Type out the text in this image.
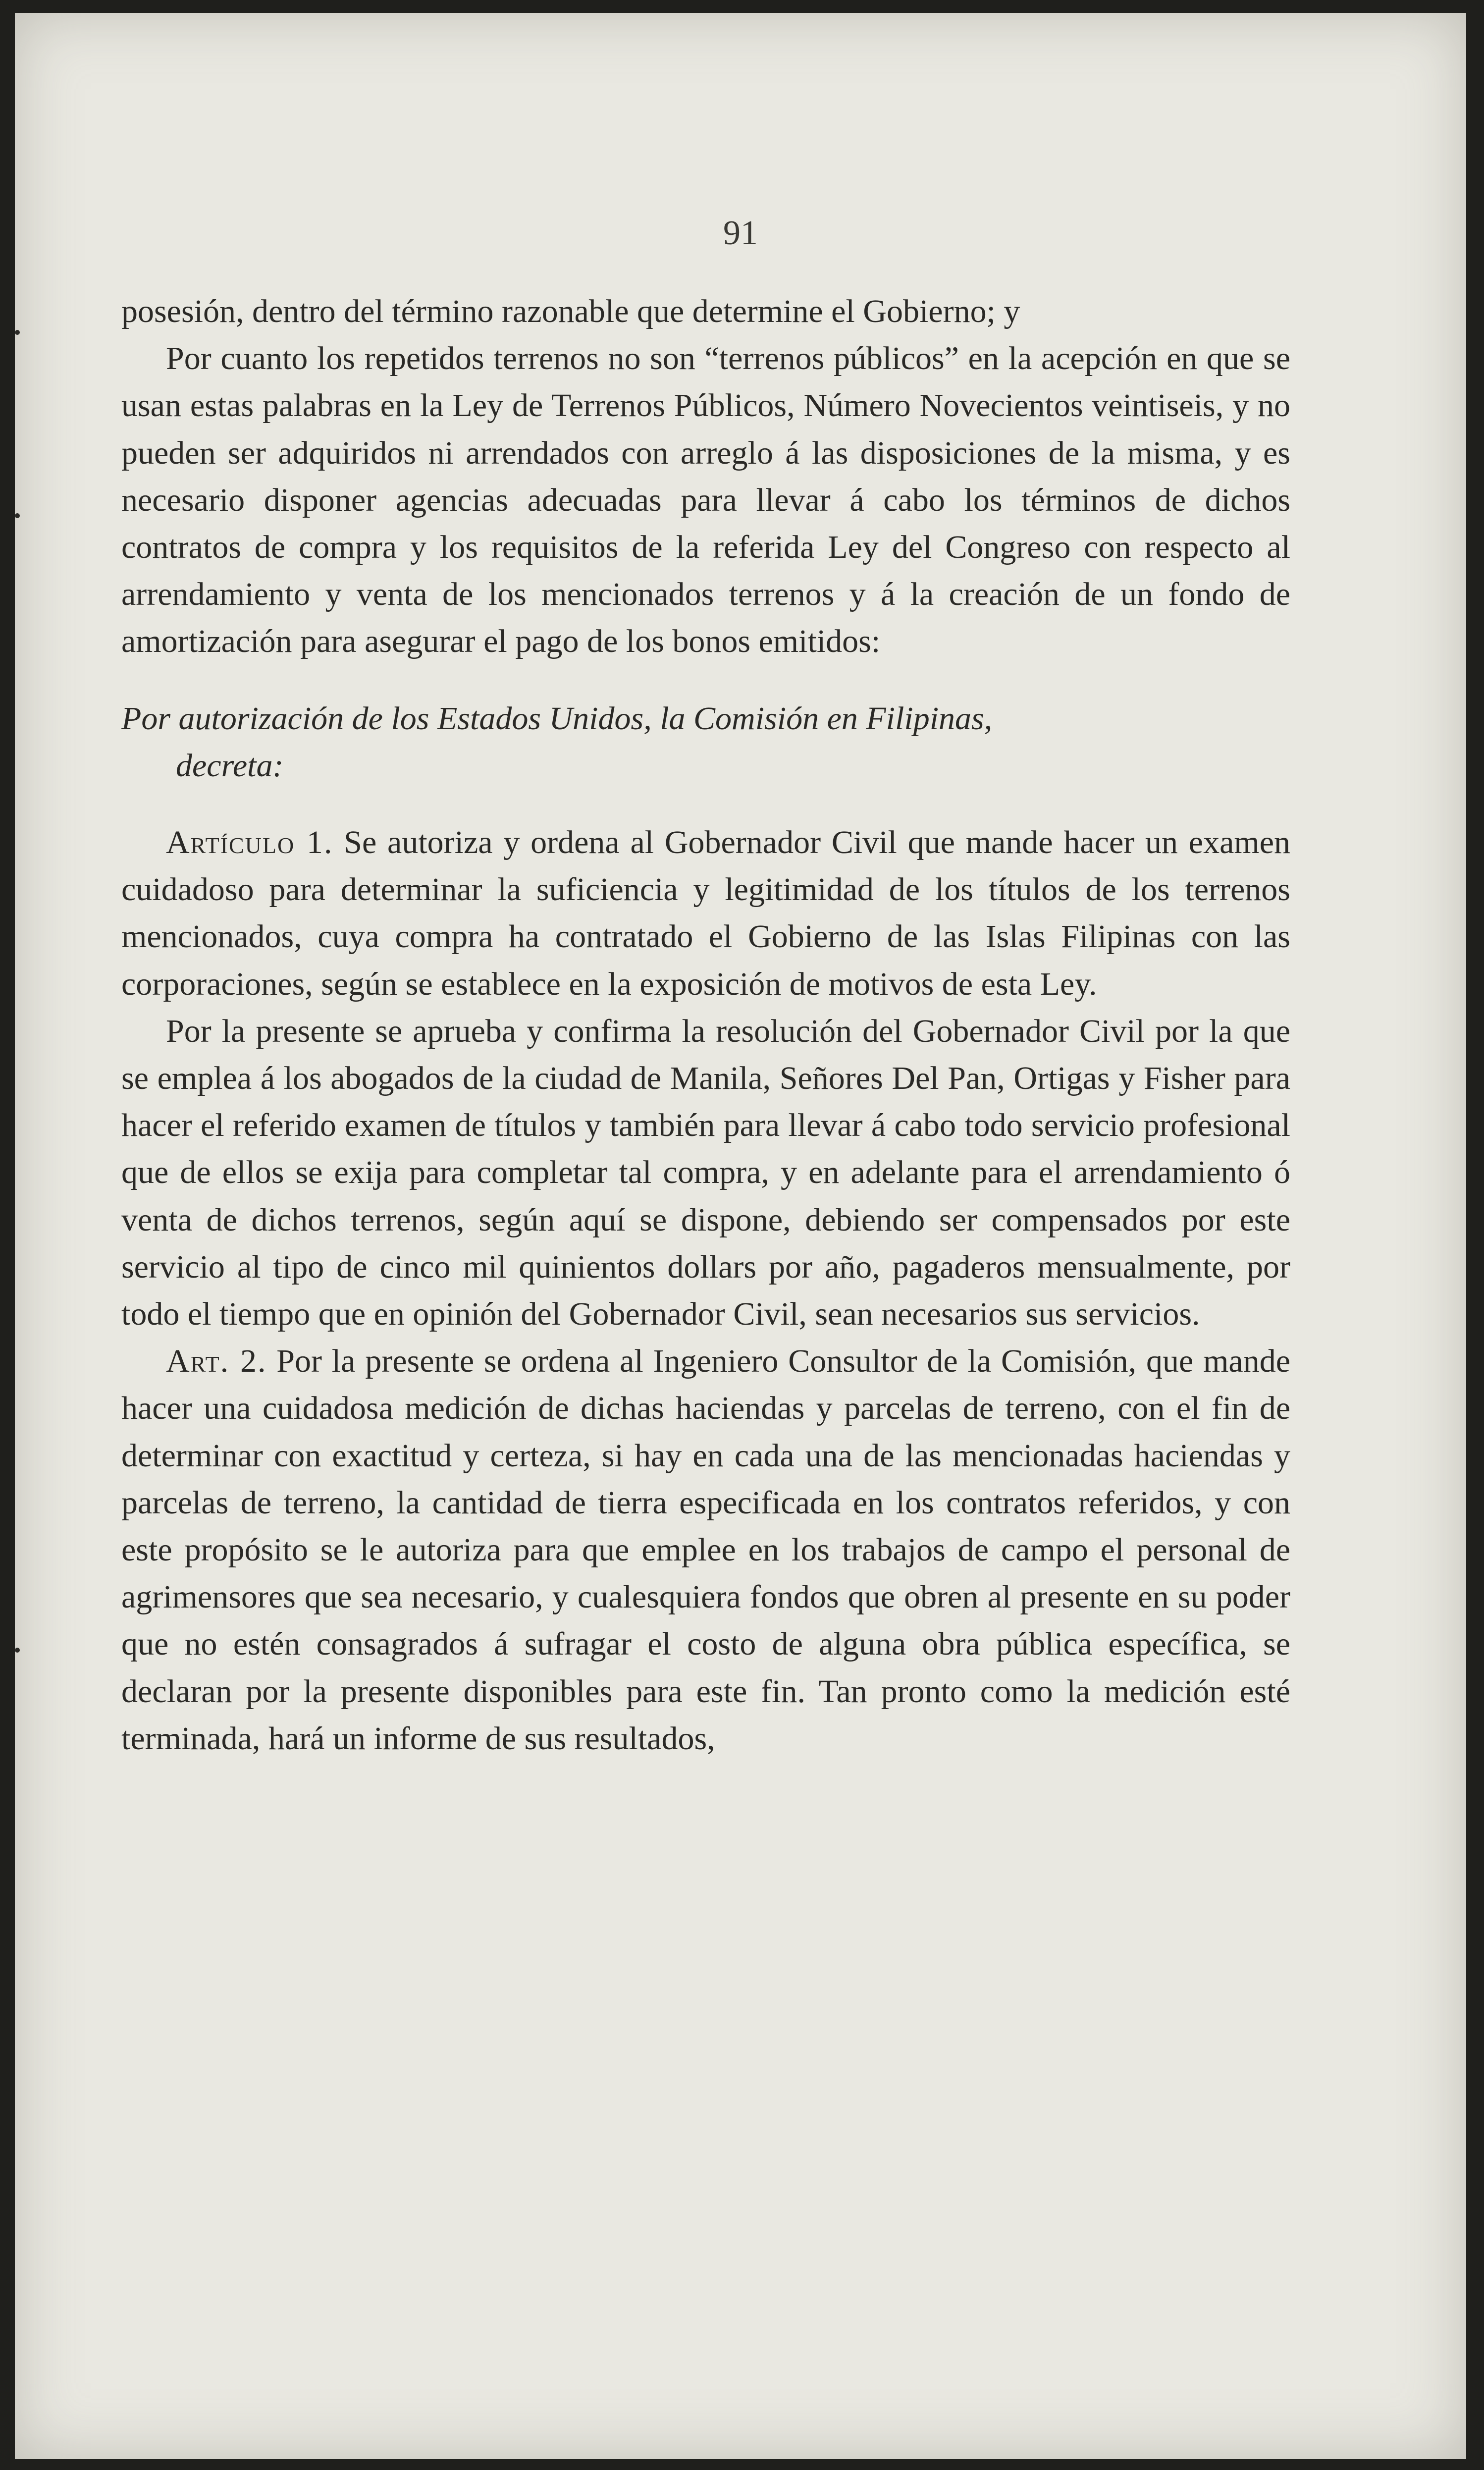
91

posesión, dentro del término razonable que determine el Gobierno; y

Por cuanto los repetidos terrenos no son “terrenos públicos” en la acepción en que se usan estas palabras en la Ley de Terrenos Públicos, Número Novecientos veintiseis, y no pueden ser adquiridos ni arrendados con arreglo á las disposiciones de la misma, y es necesario disponer agencias adecuadas para llevar á cabo los términos de dichos contratos de compra y los requisitos de la referida Ley del Congreso con respecto al arrendamiento y venta de los mencionados terrenos y á la creación de un fondo de amortización para asegurar el pago de los bonos emitidos:

Por autorización de los Estados Unidos, la Comisión en Filipinas,
decreta:

Artículo 1. Se autoriza y ordena al Gobernador Civil que mande hacer un examen cuidadoso para determinar la suficiencia y legitimidad de los títulos de los terrenos mencionados, cuya compra ha contratado el Gobierno de las Islas Filipinas con las corporaciones, según se establece en la exposición de motivos de esta Ley.

Por la presente se aprueba y confirma la resolución del Gobernador Civil por la que se emplea á los abogados de la ciudad de Manila, Señores Del Pan, Ortigas y Fisher para hacer el referido examen de títulos y también para llevar á cabo todo servicio profesional que de ellos se exija para completar tal compra, y en adelante para el arrendamiento ó venta de dichos terrenos, según aquí se dispone, debiendo ser compensados por este servicio al tipo de cinco mil quinientos dollars por año, pagaderos mensualmente, por todo el tiempo que en opinión del Gobernador Civil, sean necesarios sus servicios.

Art. 2. Por la presente se ordena al Ingeniero Consultor de la Comisión, que mande hacer una cuidadosa medición de dichas haciendas y parcelas de terreno, con el fin de determinar con exactitud y certeza, si hay en cada una de las mencionadas haciendas y parcelas de terreno, la cantidad de tierra especificada en los contratos referidos, y con este propósito se le autoriza para que emplee en los trabajos de campo el personal de agrimensores que sea necesario, y cualesquiera fondos que obren al presente en su poder que no estén consagrados á sufragar el costo de alguna obra pública específica, se declaran por la presente disponibles para este fin. Tan pronto como la medición esté terminada, hará un informe de sus resultados,
